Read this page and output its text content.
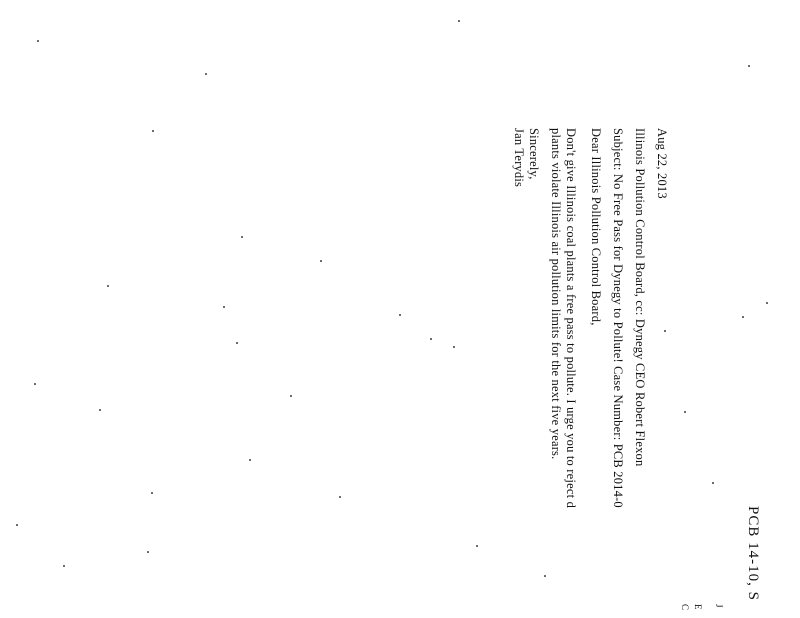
PCB 14-10, S
J
E
C
Aug 22, 2013
Illinois Pollution Control Board, cc: Dynegy CEO Robert Flexon
Subject: No Free Pass for Dynegy to Pollute! Case Number: PCB 2014-0
Dear Illinois Pollution Control Board,
Don't give Illinois coal plants a free pass to pollute. I urge you to reject d
plants violate Illinois air pollution limits for the next five years.
Sincerely,
Jan Terydis
